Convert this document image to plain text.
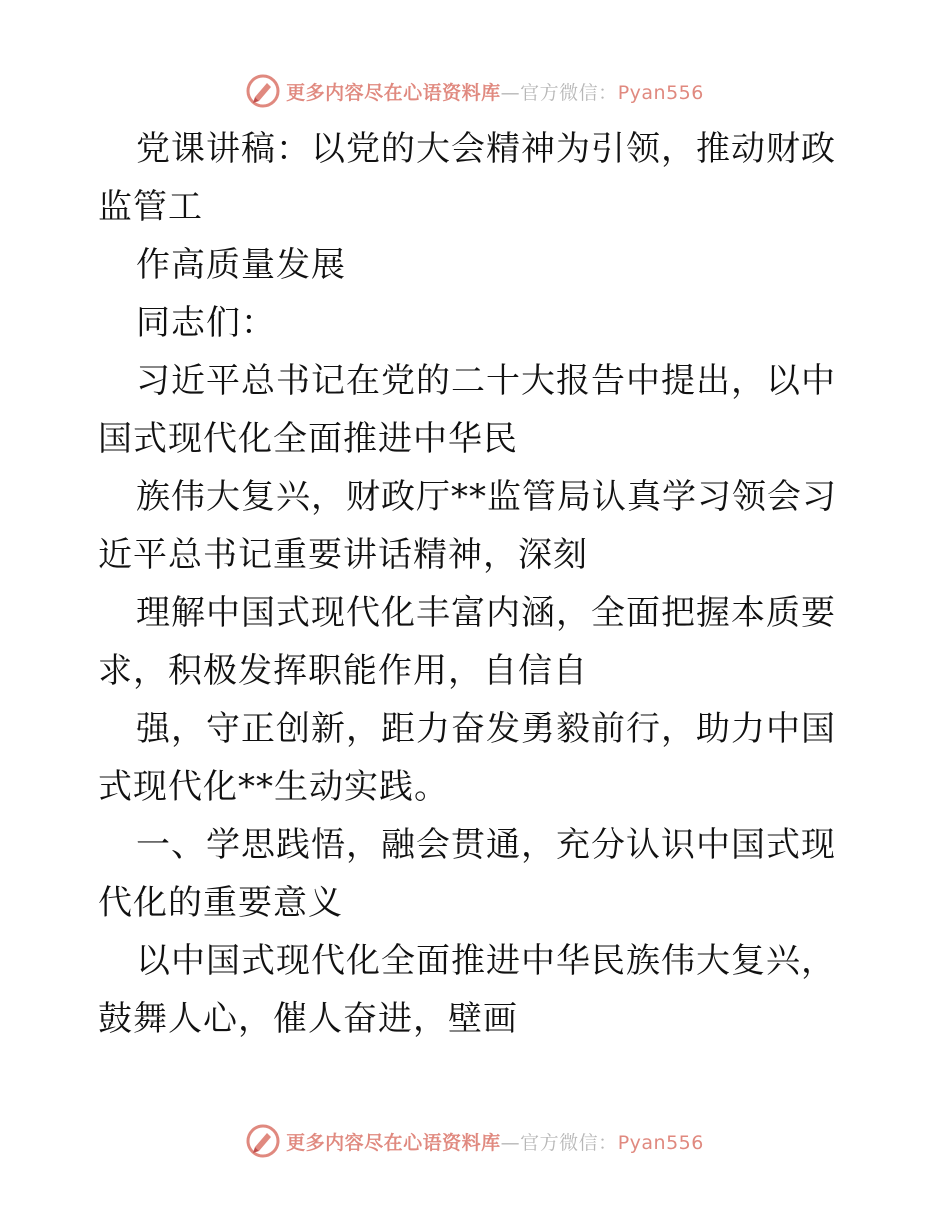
更多内容尽在心语资料库—官方微信：Pyan556

党课讲稿：以党的大会精神为引领，推动财政监管工

作高质量发展

同志们：

习近平总书记在党的二十大报告中提出，以中国式现代化全面推进中华民

族伟大复兴，财政厅**监管局认真学习领会习近平总书记重要讲话精神，深刻

理解中国式现代化丰富内涵，全面把握本质要求，积极发挥职能作用，自信自

强，守正创新，距力奋发勇毅前行，助力中国式现代化**生动实践。

一、学思践悟，融会贯通，充分认识中国式现代化的重要意义

以中国式现代化全面推进中华民族伟大复兴，鼓舞人心，催人奋进，壁画

更多内容尽在心语资料库—官方微信：Pyan556
